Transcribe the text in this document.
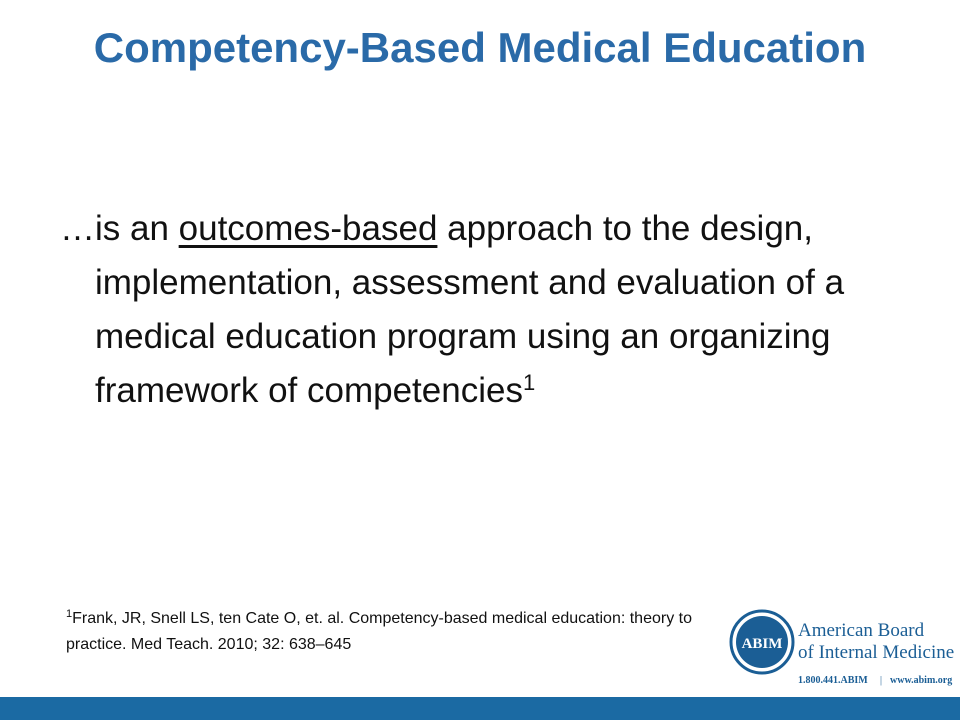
Competency-Based Medical Education
…is an outcomes-based approach to the design, implementation, assessment and evaluation of a medical education program using an organizing framework of competencies$^1$
$^1$Frank, JR, Snell LS, ten Cate O, et. al. Competency-based medical education: theory to practice. Med Teach. 2010; 32: 638–645	ABIM
American Board
of Internal Medicine
1.800.441.ABIM | www.abim.org
